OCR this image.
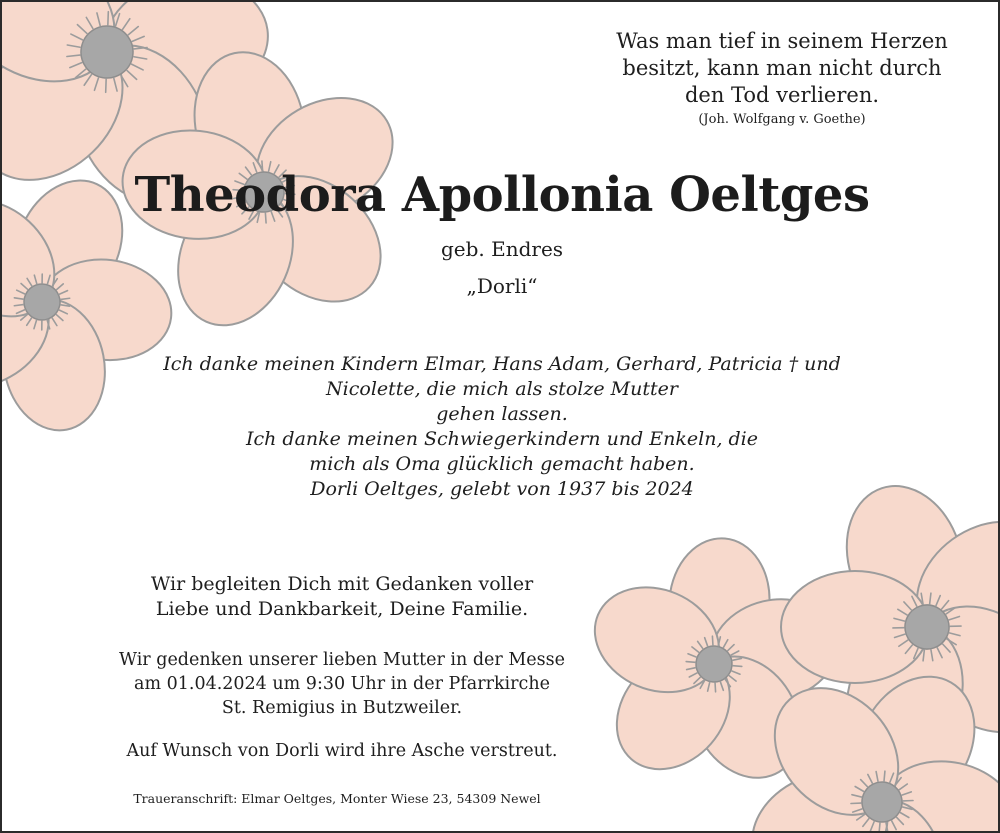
Was man tief in seinem Herzen
besitzt, kann man nicht durch
den Tod verlieren.
(Joh. Wolfgang v. Goethe)
Theodora Apollonia Oeltges
geb. Endres
„Dorli“
Ich danke meinen Kindern Elmar, Hans Adam, Gerhard, Patricia † und
Nicolette, die mich als stolze Mutter
gehen lassen.
Ich danke meinen Schwiegerkindern und Enkeln, die
mich als Oma glücklich gemacht haben.
Dorli Oeltges, gelebt von 1937 bis 2024
Wir begleiten Dich mit Gedanken voller
Liebe und Dankbarkeit, Deine Familie.
Wir gedenken unserer lieben Mutter in der Messe
am 01.04.2024 um 9:30 Uhr in der Pfarrkirche
St. Remigius in Butzweiler.
Auf Wunsch von Dorli wird ihre Asche verstreut.
Traueranschrift: Elmar Oeltges, Monter Wiese 23, 54309 Newel
